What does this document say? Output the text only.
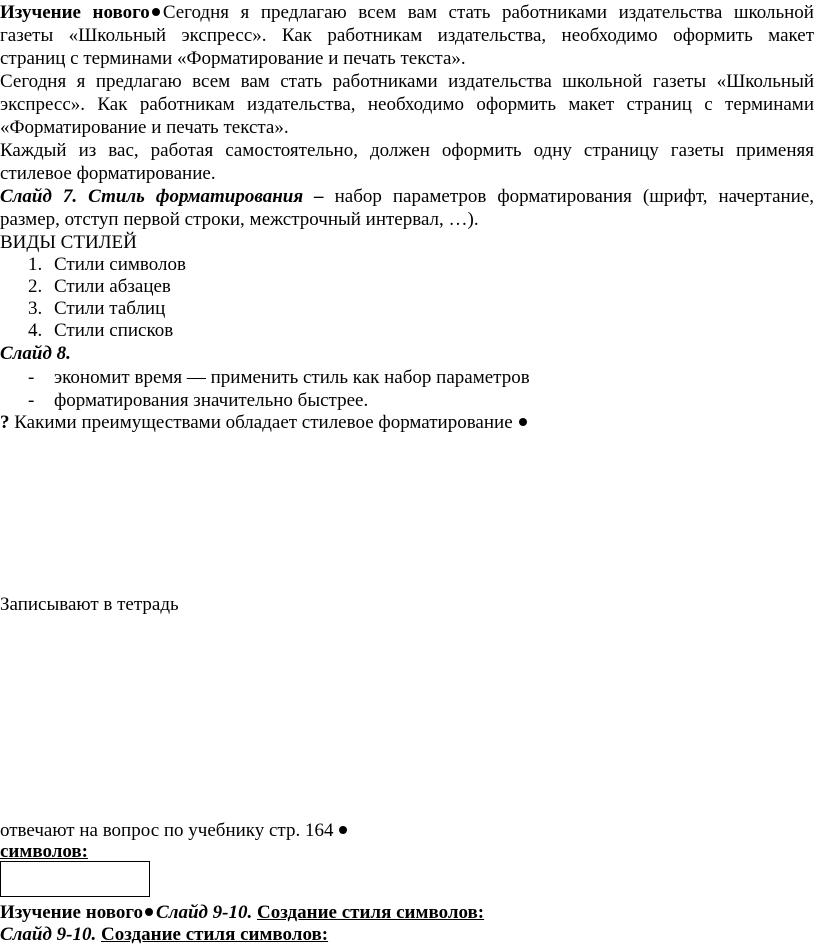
Изучение нового Сегодня я предлагаю всем вам стать работниками издательства школьной
газеты «Школьный экспресс». Как работникам издательства, необходимо оформить макет
страниц с терминами «Форматирование и печать текста».
Сегодня я предлагаю всем вам стать работниками издательства школьной газеты «Школьный
экспресс». Как работникам издательства, необходимо оформить макет страниц с терминами
«Форматирование и печать текста».
Каждый из вас, работая самостоятельно, должен оформить одну страницу газеты применяя
стилевое форматирование.
Слайд 7. Стиль форматирования – набор параметров форматирования (шрифт, начертание,
размер, отступ первой строки, межстрочный интервал, …).
ВИДЫ СТИЛЕЙ
1. Стили символов
2. Стили абзацев
3. Стили таблиц
4. Стили списков
Слайд 8.
- экономит время — применить стиль как набор параметров
- форматирования значительно быстрее.
? Какими преимуществами обладает стилевое форматирование
Записывают в тетрадь
отвечают на вопрос по учебнику стр. 164
символов:
Изучение нового Слайд 9-10. Создание стиля символов:
Слайд 9-10. Создание стиля символов:
